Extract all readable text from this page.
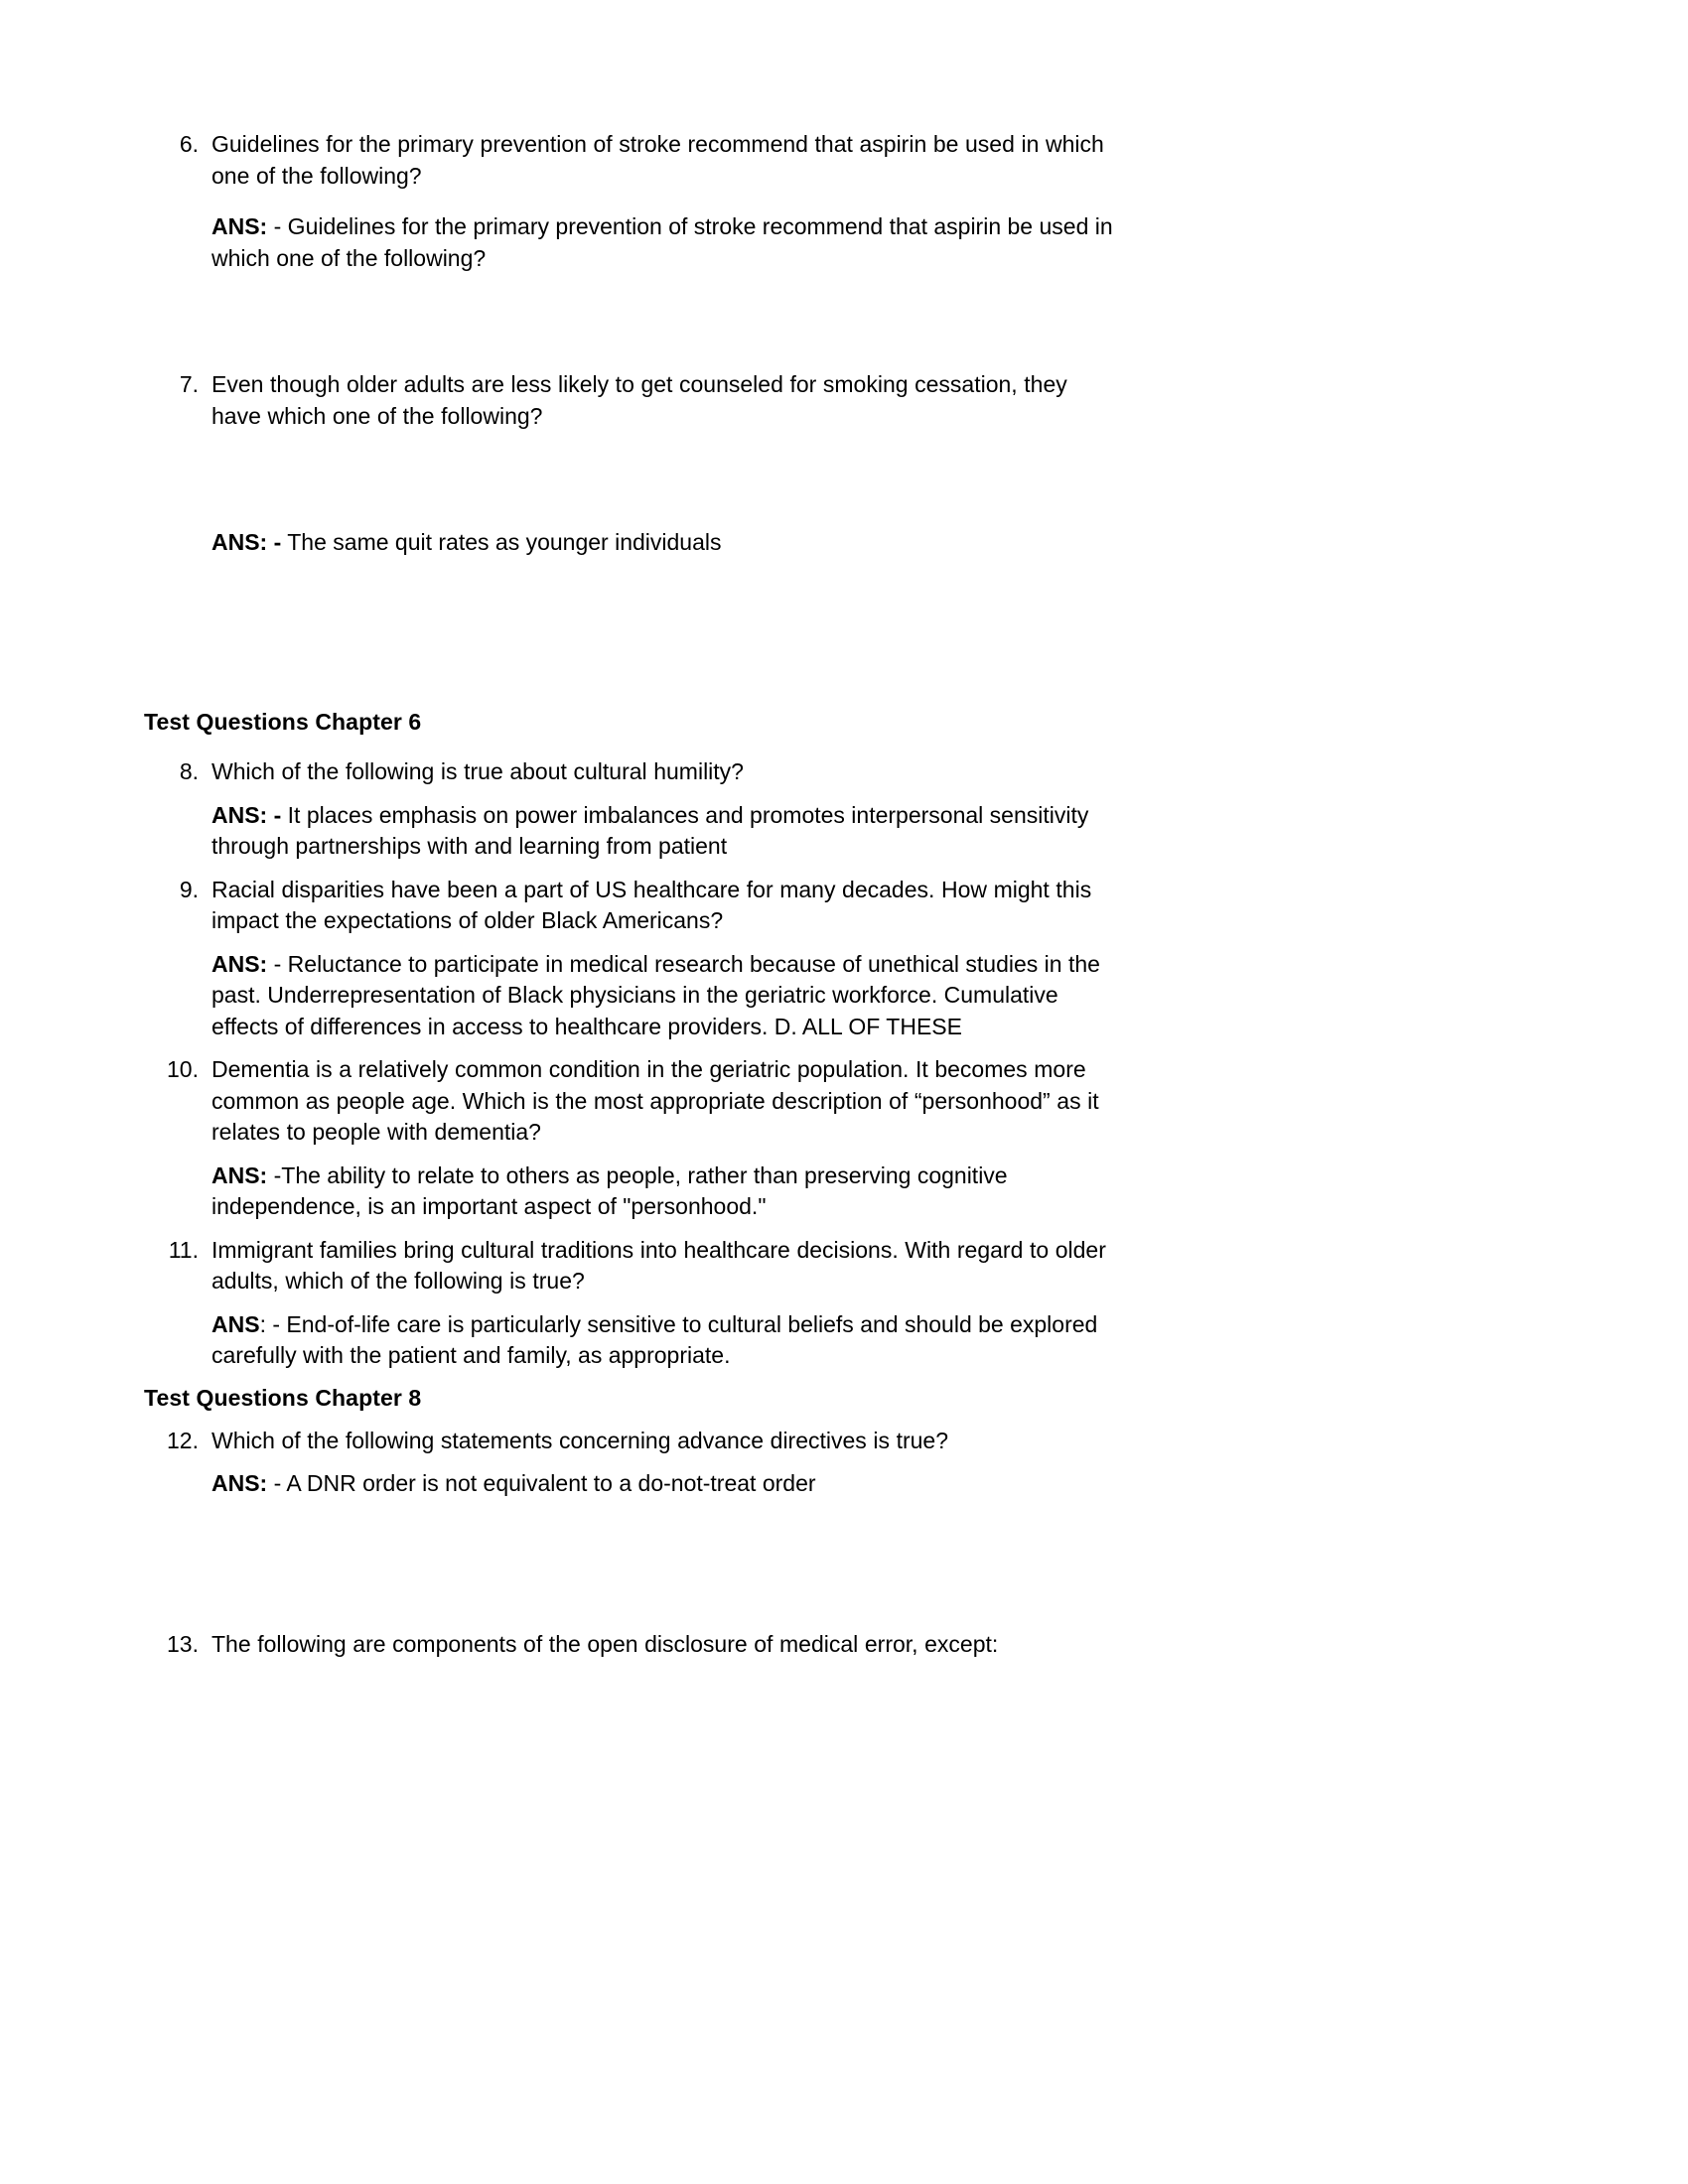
6. Guidelines for the primary prevention of stroke recommend that aspirin be used in which one of the following?

ANS: - Guidelines for the primary prevention of stroke recommend that aspirin be used in which one of the following?

7. Even though older adults are less likely to get counseled for smoking cessation, they have which one of the following?

ANS: - The same quit rates as younger individuals

Test Questions Chapter 6

8. Which of the following is true about cultural humility?

ANS: - It places emphasis on power imbalances and promotes interpersonal sensitivity through partnerships with and learning from patient

9. Racial disparities have been a part of US healthcare for many decades. How might this impact the expectations of older Black Americans?

ANS: - Reluctance to participate in medical research because of unethical studies in the past. Underrepresentation of Black physicians in the geriatric workforce. Cumulative effects of differences in access to healthcare providers. D. ALL OF THESE

10. Dementia is a relatively common condition in the geriatric population. It becomes more common as people age. Which is the most appropriate description of “personhood” as it relates to people with dementia?

ANS: -The ability to relate to others as people, rather than preserving cognitive independence, is an important aspect of "personhood."

11. Immigrant families bring cultural traditions into healthcare decisions. With regard to older adults, which of the following is true?

ANS: - End-of-life care is particularly sensitive to cultural beliefs and should be explored carefully with the patient and family, as appropriate.

Test Questions Chapter 8

12. Which of the following statements concerning advance directives is true?

ANS: - A DNR order is not equivalent to a do-not-treat order

13. The following are components of the open disclosure of medical error, except:
